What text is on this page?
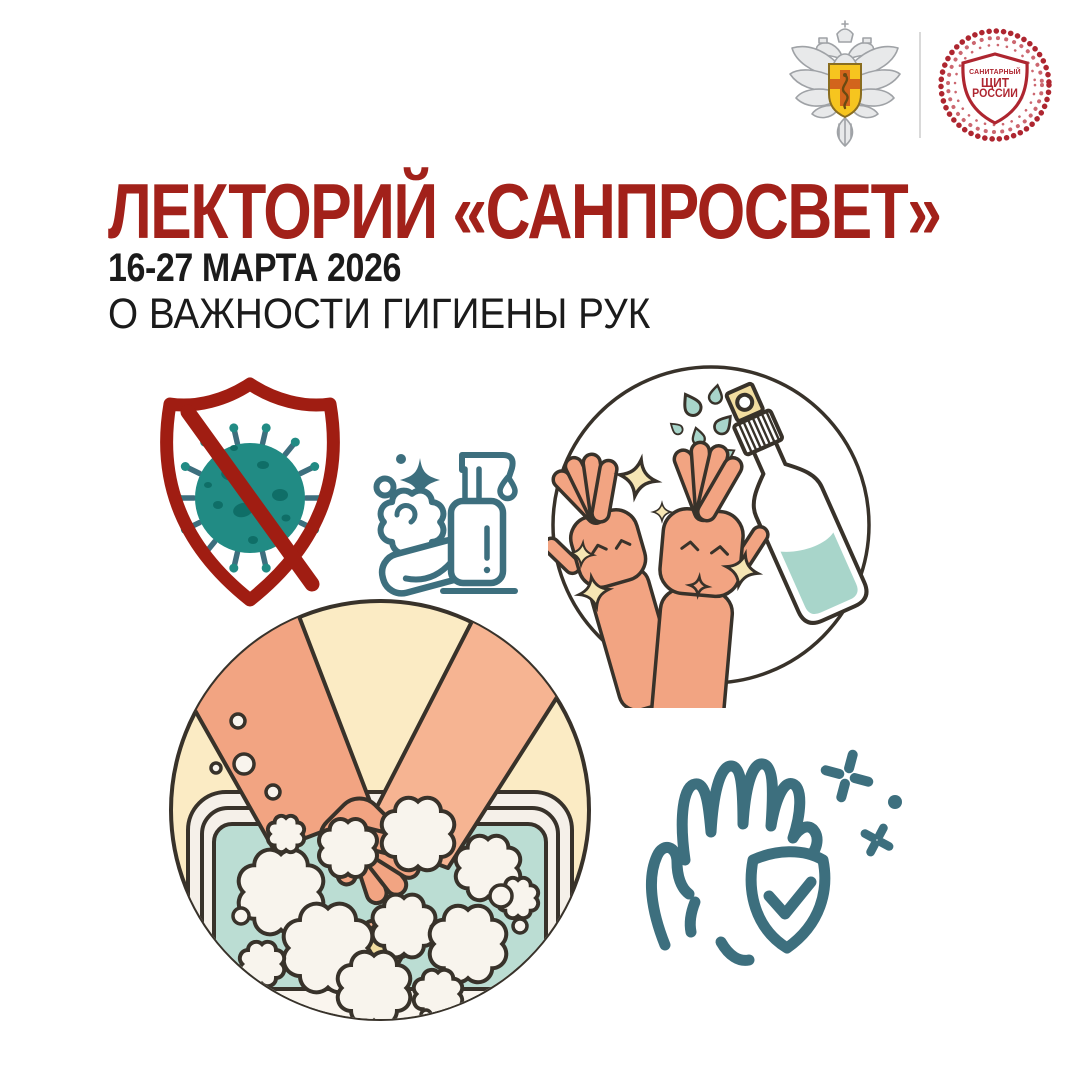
САНИТАРНЫЙ
ЩИТ
РОССИИ
ЛЕКТОРИЙ «САНПРОСВЕТ»
16-27 МАРТА 2026
О ВАЖНОСТИ ГИГИЕНЫ РУК
